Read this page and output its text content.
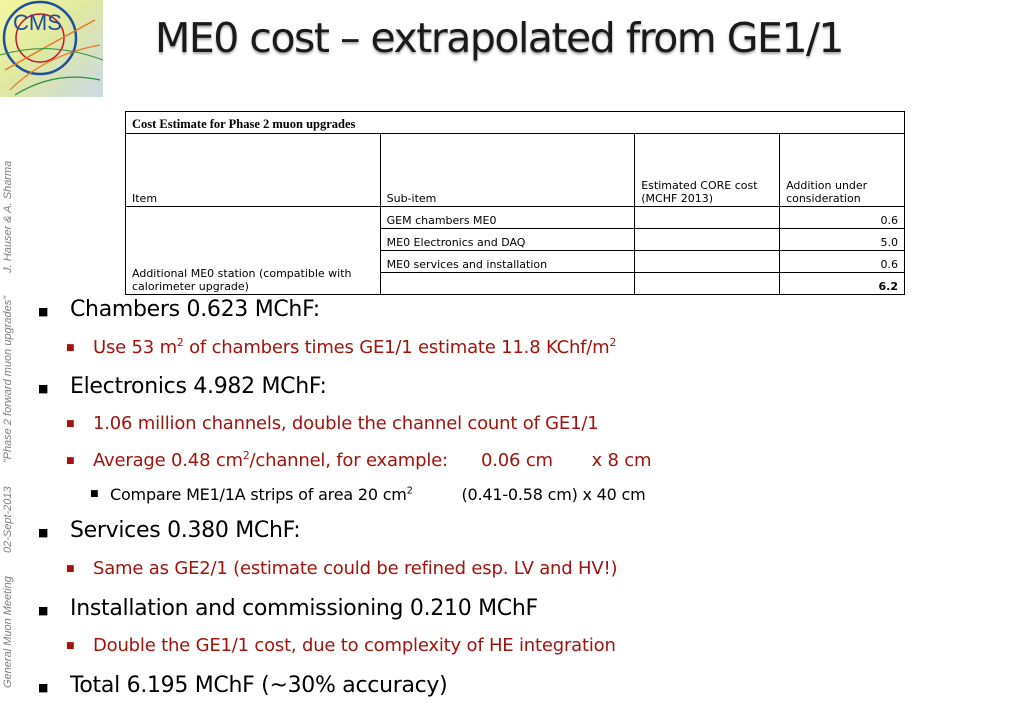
CMS ME0 cost – extrapolated from GE1/1
General Muon Meeting 02-Sept-2013 "Phase 2 forward muon upgrades" J. Hauser & A. Sharma
Cost Estimate for Phase 2 muon upgrades			
Item	Sub-item	Estimated CORE cost (MCHF 2013)	Addition under consideration
Additional ME0 station (compatible with calorimeter upgrade)	GEM chambers ME0		0.6
	ME0 Electronics and DAQ		5.0
	ME0 services and installation		0.6
			6.2
■ Chambers 0.623 MChF:
■ Use 53 $m^2$ of chambers times GE1/1 estimate 11.8 KChf/$m^2$
■ Electronics 4.982 MChF:
■ 1.06 million channels, double the channel count of GE1/1
■ Average 0.48 $cm^2$/channel, for example:      0.06 cm       x 8 cm
■ Compare ME1/1A strips of area 20 $cm^2$          (0.41-0.58 cm) x 40 cm
■ Services 0.380 MChF:
■ Same as GE2/1 (estimate could be refined esp. LV and HV!)
■ Installation and commissioning 0.210 MChF
■ Double the GE1/1 cost, due to complexity of HE integration
■ Total 6.195 MChF (~30% accuracy)
